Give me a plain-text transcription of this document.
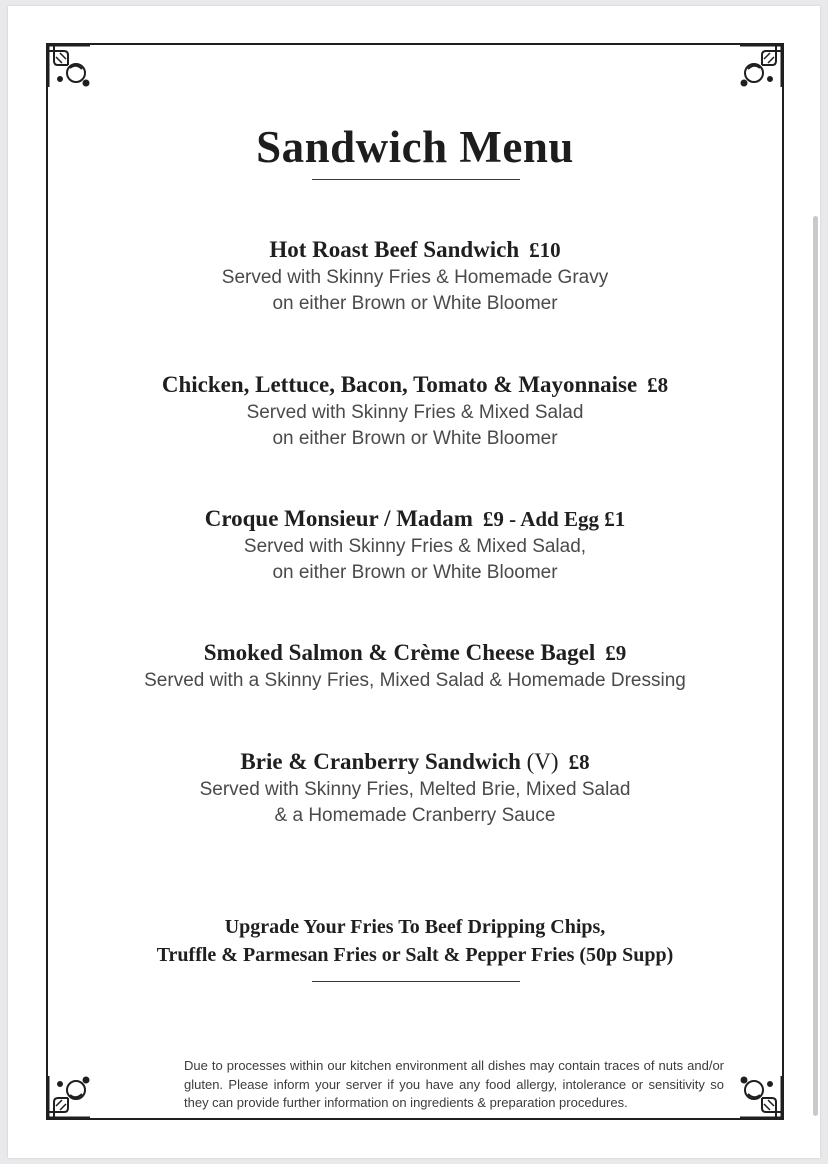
Sandwich Menu
Hot Roast Beef Sandwich £10
Served with Skinny Fries & Homemade Gravy
on either Brown or White Bloomer
Chicken, Lettuce, Bacon, Tomato & Mayonnaise £8
Served with Skinny Fries & Mixed Salad
on either Brown or White Bloomer
Croque Monsieur / Madam £9 - Add Egg £1
Served with Skinny Fries & Mixed Salad,
on either Brown or White Bloomer
Smoked Salmon & Crème Cheese Bagel £9
Served with a Skinny Fries, Mixed Salad & Homemade Dressing
Brie & Cranberry Sandwich (V) £8
Served with Skinny Fries, Melted Brie, Mixed Salad
& a Homemade Cranberry Sauce
Upgrade Your Fries To Beef Dripping Chips,
Truffle & Parmesan Fries or Salt & Pepper Fries (50p Supp)
Due to processes within our kitchen environment all dishes may contain traces of nuts and/or gluten. Please inform your server if you have any food allergy, intolerance or sensitivity so they can provide further information on ingredients & preparation procedures.
